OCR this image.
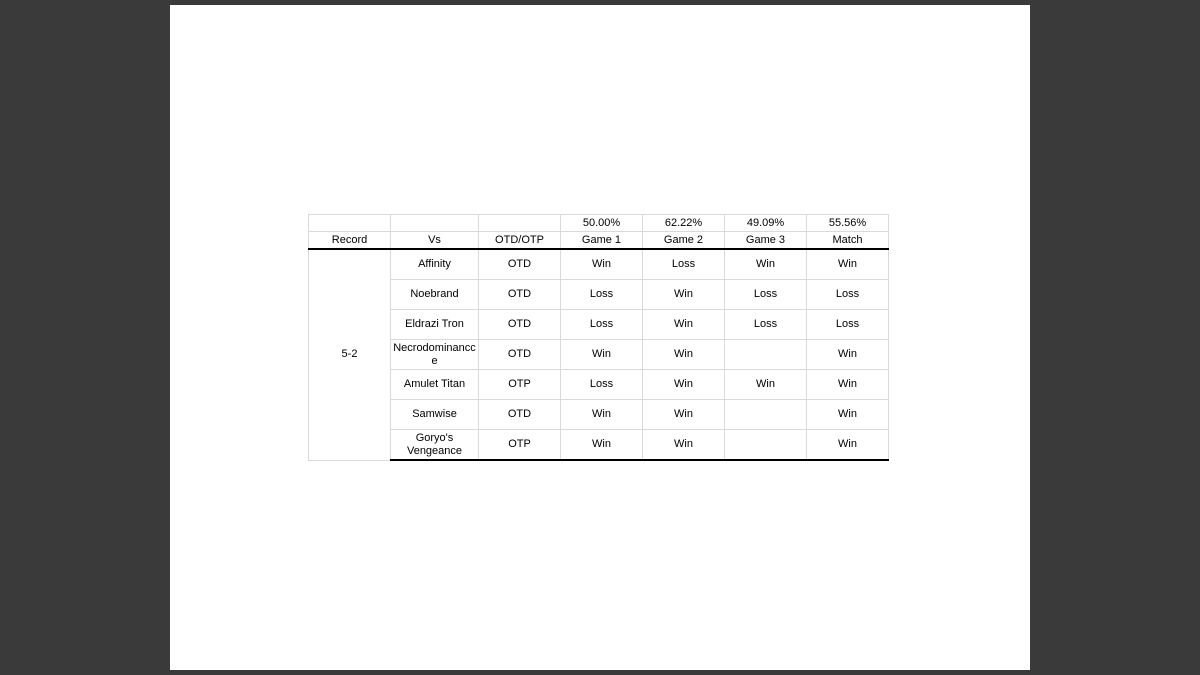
			50.00%	62.22%	49.09%	55.56%
Record	Vs	OTD/OTP	Game 1	Game 2	Game 3	Match
5-2	Affinity	OTD	Win	Loss	Win	Win
	Noebrand	OTD	Loss	Win	Loss	Loss
	Eldrazi Tron	OTD	Loss	Win	Loss	Loss
	Necrodominancce	OTD	Win	Win		Win
	Amulet Titan	OTP	Loss	Win	Win	Win
	Samwise	OTD	Win	Win		Win
	Goryo's Vengeance	OTP	Win	Win		Win
